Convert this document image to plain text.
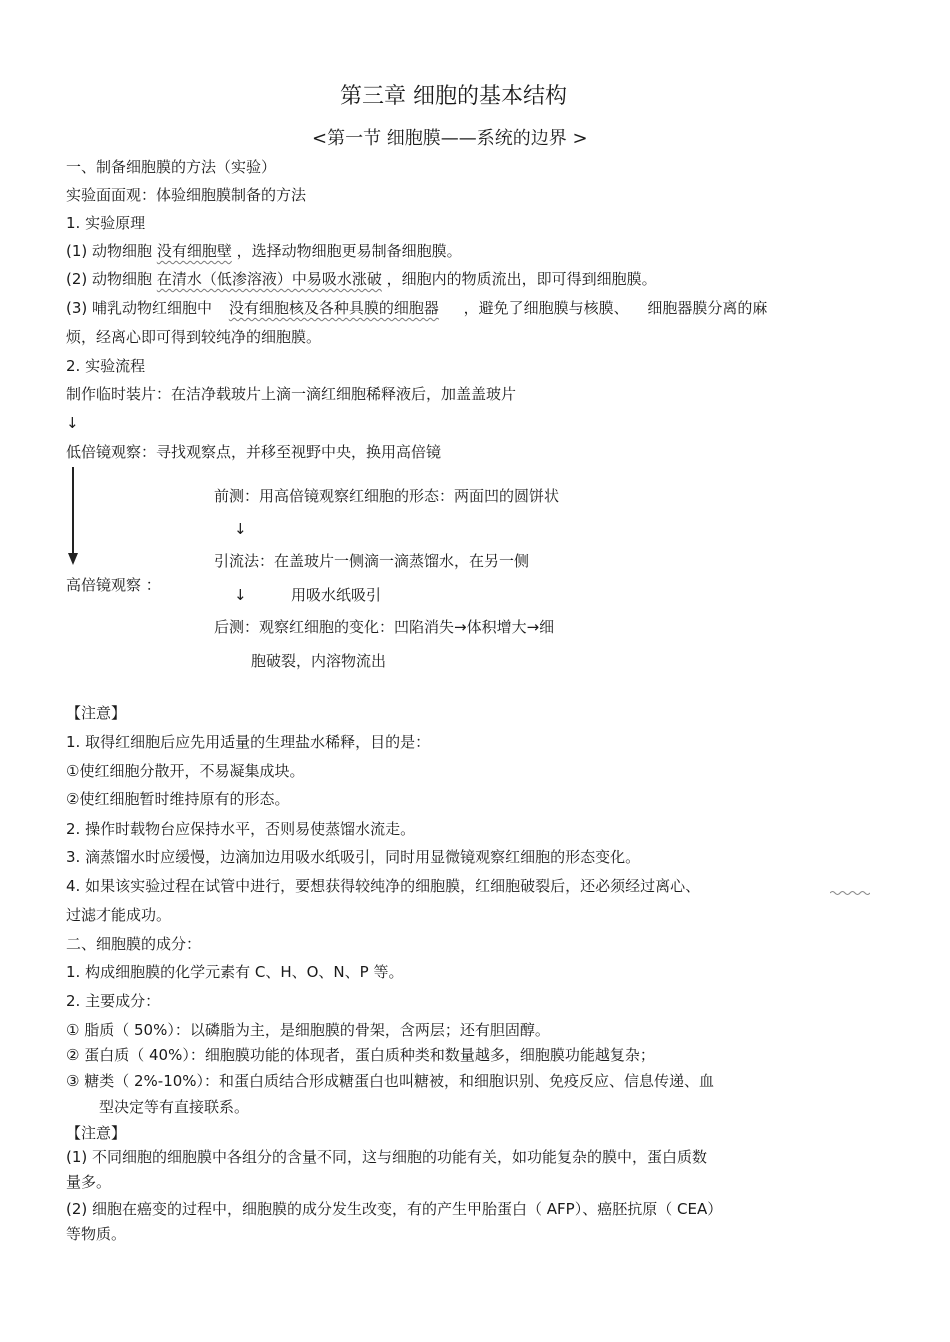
第三章 细胞的基本结构
<第一节 细胞膜——系统的边界 >
一、制备细胞膜的方法（实验）
实验面面观：体验细胞膜制备的方法
1. 实验原理
(1) 动物细胞 没有细胞壁 ，选择动物细胞更易制备细胞膜。
(2) 动物细胞 在清水（低渗溶液）中易吸水涨破 ，细胞内的物质流出，即可得到细胞膜。
(3) 哺乳动物红细胞中 没有细胞核及各种具膜的细胞器 ，避免了细胞膜与核膜、 细胞器膜分离的麻
烦，经离心即可得到较纯净的细胞膜。
2. 实验流程
制作临时装片：在洁净载玻片上滴一滴红细胞稀释液后，加盖盖玻片
↓
低倍镜观察：寻找观察点，并移至视野中央，换用高倍镜
前测：用高倍镜观察红细胞的形态：两面凹的圆饼状
↓
引流法：在盖玻片一侧滴一滴蒸馏水，在另一侧
高倍镜观察 ：
↓	用吸水纸吸引
后测：观察红细胞的变化：凹陷消失→体积增大→细
胞破裂，内溶物流出
【注意】
1. 取得红细胞后应先用适量的生理盐水稀释，目的是：
①使红细胞分散开，不易凝集成块。
②使红细胞暂时维持原有的形态。
2. 操作时载物台应保持水平，否则易使蒸馏水流走。
3. 滴蒸馏水时应缓慢，边滴加边用吸水纸吸引，同时用显微镜观察红细胞的形态变化。
4. 如果该实验过程在试管中进行，要想获得较纯净的细胞膜，红细胞破裂后，还必须经过离心、
过滤才能成功。
二、细胞膜的成分：
1. 构成细胞膜的化学元素有 C、H、O、N、P 等。
2. 主要成分：
① 脂质（ 50%）：以磷脂为主，是细胞膜的骨架，含两层；还有胆固醇。
② 蛋白质（ 40%）：细胞膜功能的体现者，蛋白质种类和数量越多，细胞膜功能越复杂；
③ 糖类（ 2%-10%）：和蛋白质结合形成糖蛋白也叫糖被，和细胞识别、免疫反应、信息传递、血
型决定等有直接联系。
【注意】
(1) 不同细胞的细胞膜中各组分的含量不同，这与细胞的功能有关，如功能复杂的膜中，蛋白质数
量多。
(2) 细胞在癌变的过程中，细胞膜的成分发生改变，有的产生甲胎蛋白（ AFP）、癌胚抗原（ CEA）
等物质。
